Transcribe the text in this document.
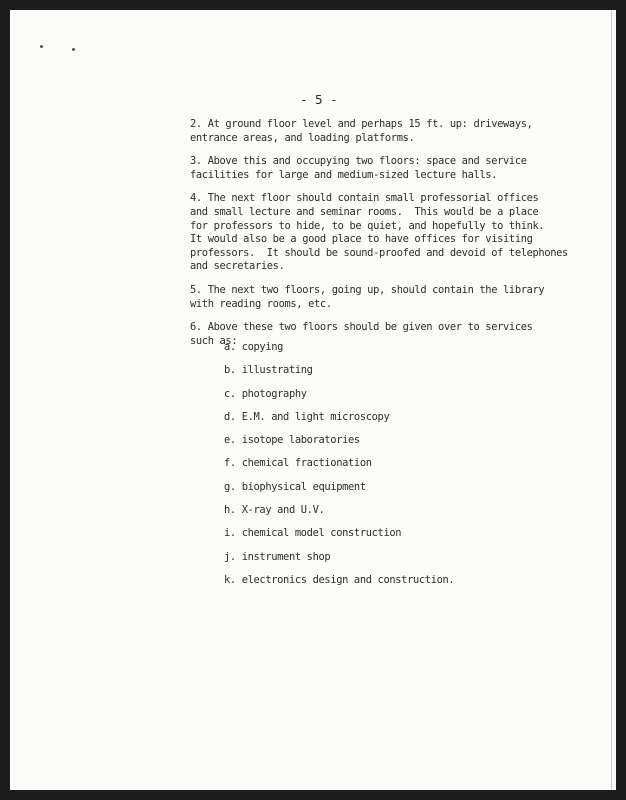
- 5 -
2. At ground floor level and perhaps 15 ft. up: driveways,
entrance areas, and loading platforms.
3. Above this and occupying two floors: space and service
facilities for large and medium-sized lecture halls.
4. The next floor should contain small professorial offices
and small lecture and seminar rooms.  This would be a place
for professors to hide, to be quiet, and hopefully to think.
It would also be a good place to have offices for visiting
professors.  It should be sound-proofed and devoid of telephones
and secretaries.
5. The next two floors, going up, should contain the library
with reading rooms, etc.
6. Above these two floors should be given over to services
such as:
a. copying
b. illustrating
c. photography
d. E.M. and light microscopy
e. isotope laboratories
f. chemical fractionation
g. biophysical equipment
h. X-ray and U.V.
i. chemical model construction
j. instrument shop
k. electronics design and construction.
